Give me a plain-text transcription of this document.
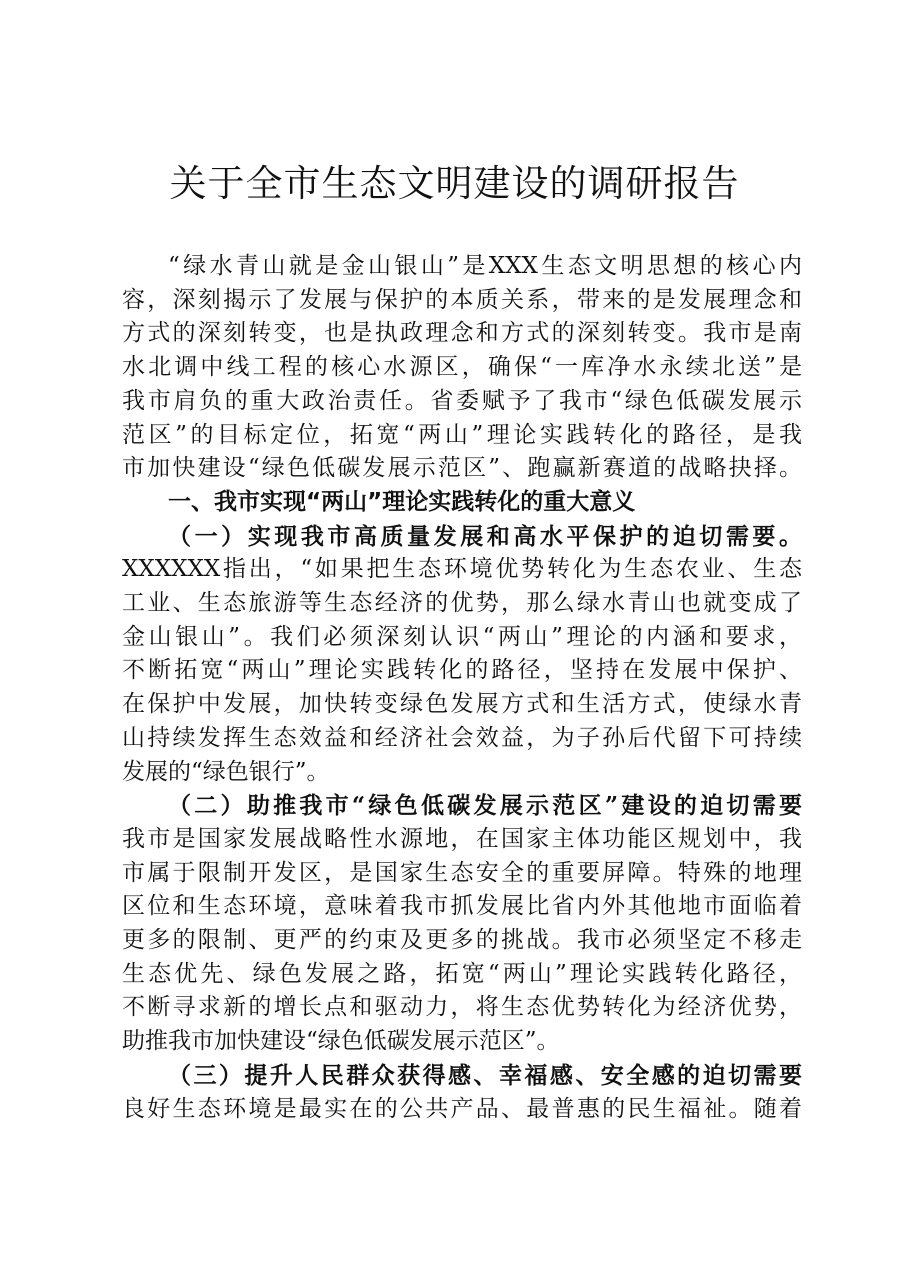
关于全市生态文明建设的调研报告
“绿水青山就是金山银山”是XXX生态文明思想的核心内
容，深刻揭示了发展与保护的本质关系，带来的是发展理念和
方式的深刻转变，也是执政理念和方式的深刻转变。我市是南
水北调中线工程的核心水源区，确保“一库净水永续北送”是
我市肩负的重大政治责任。省委赋予了我市“绿色低碳发展示
范区”的目标定位，拓宽“两山”理论实践转化的路径，是我
市加快建设“绿色低碳发展示范区”、跑赢新赛道的战略抉择。
一、我市实现“两山”理论实践转化的重大意义
（一）实现我市高质量发展和高水平保护的迫切需要。
XXXXXX指出，“如果把生态环境优势转化为生态农业、生态
工业、生态旅游等生态经济的优势，那么绿水青山也就变成了
金山银山”。我们必须深刻认识“两山”理论的内涵和要求，
不断拓宽“两山”理论实践转化的路径，坚持在发展中保护、
在保护中发展，加快转变绿色发展方式和生活方式，使绿水青
山持续发挥生态效益和经济社会效益，为子孙后代留下可持续
发展的“绿色银行”。
（二）助推我市“绿色低碳发展示范区”建设的迫切需要
我市是国家发展战略性水源地，在国家主体功能区规划中，我
市属于限制开发区，是国家生态安全的重要屏障。特殊的地理
区位和生态环境，意味着我市抓发展比省内外其他地市面临着
更多的限制、更严的约束及更多的挑战。我市必须坚定不移走
生态优先、绿色发展之路，拓宽“两山”理论实践转化路径，
不断寻求新的增长点和驱动力，将生态优势转化为经济优势，
助推我市加快建设“绿色低碳发展示范区”。
（三）提升人民群众获得感、幸福感、安全感的迫切需要
良好生态环境是最实在的公共产品、最普惠的民生福祉。随着
